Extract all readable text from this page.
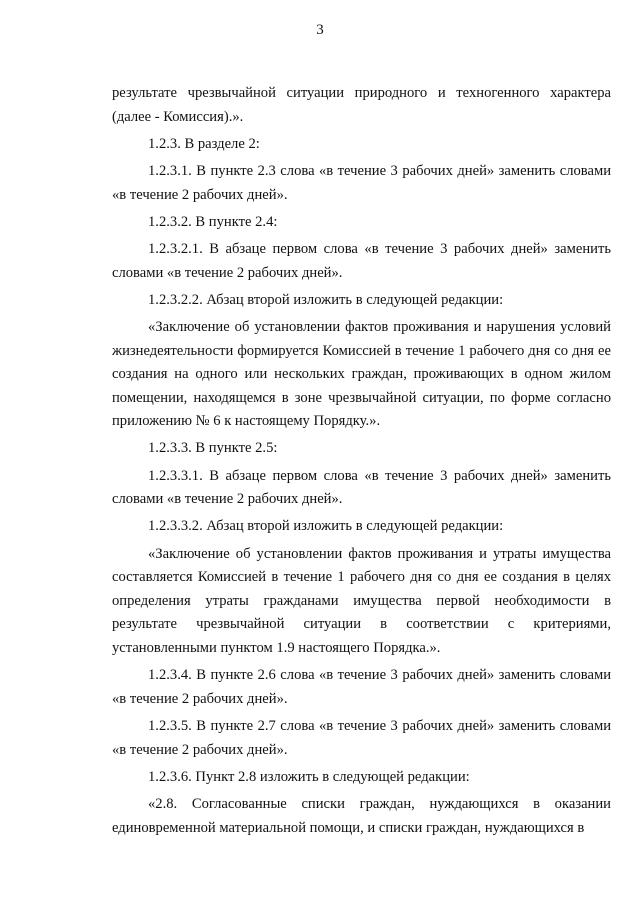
3

результате чрезвычайной ситуации природного и техногенного характера (далее - Комиссия).».

1.2.3. В разделе 2:

1.2.3.1. В пункте 2.3 слова «в течение 3 рабочих дней» заменить словами «в течение 2 рабочих дней».

1.2.3.2. В пункте 2.4:

1.2.3.2.1. В абзаце первом слова «в течение 3 рабочих дней» заменить словами «в течение 2 рабочих дней».

1.2.3.2.2. Абзац второй изложить в следующей редакции:

«Заключение об установлении фактов проживания и нарушения условий жизнедеятельности формируется Комиссией в течение 1 рабочего дня со дня ее создания на одного или нескольких граждан, проживающих в одном жилом помещении, находящемся в зоне чрезвычайной ситуации, по форме согласно приложению № 6 к настоящему Порядку.».

1.2.3.3. В пункте 2.5:

1.2.3.3.1. В абзаце первом слова «в течение 3 рабочих дней» заменить словами «в течение 2 рабочих дней».

1.2.3.3.2. Абзац второй изложить в следующей редакции:

«Заключение об установлении фактов проживания и утраты имущества составляется Комиссией в течение 1 рабочего дня со дня ее создания в целях определения утраты гражданами имущества первой необходимости в результате чрезвычайной ситуации в соответствии с критериями, установленными пунктом 1.9 настоящего Порядка.».

1.2.3.4. В пункте 2.6 слова «в течение 3 рабочих дней» заменить словами «в течение 2 рабочих дней».

1.2.3.5. В пункте 2.7 слова «в течение 3 рабочих дней» заменить словами «в течение 2 рабочих дней».

1.2.3.6. Пункт 2.8 изложить в следующей редакции:

«2.8. Согласованные списки граждан, нуждающихся в оказании единовременной материальной помощи, и списки граждан, нуждающихся в
